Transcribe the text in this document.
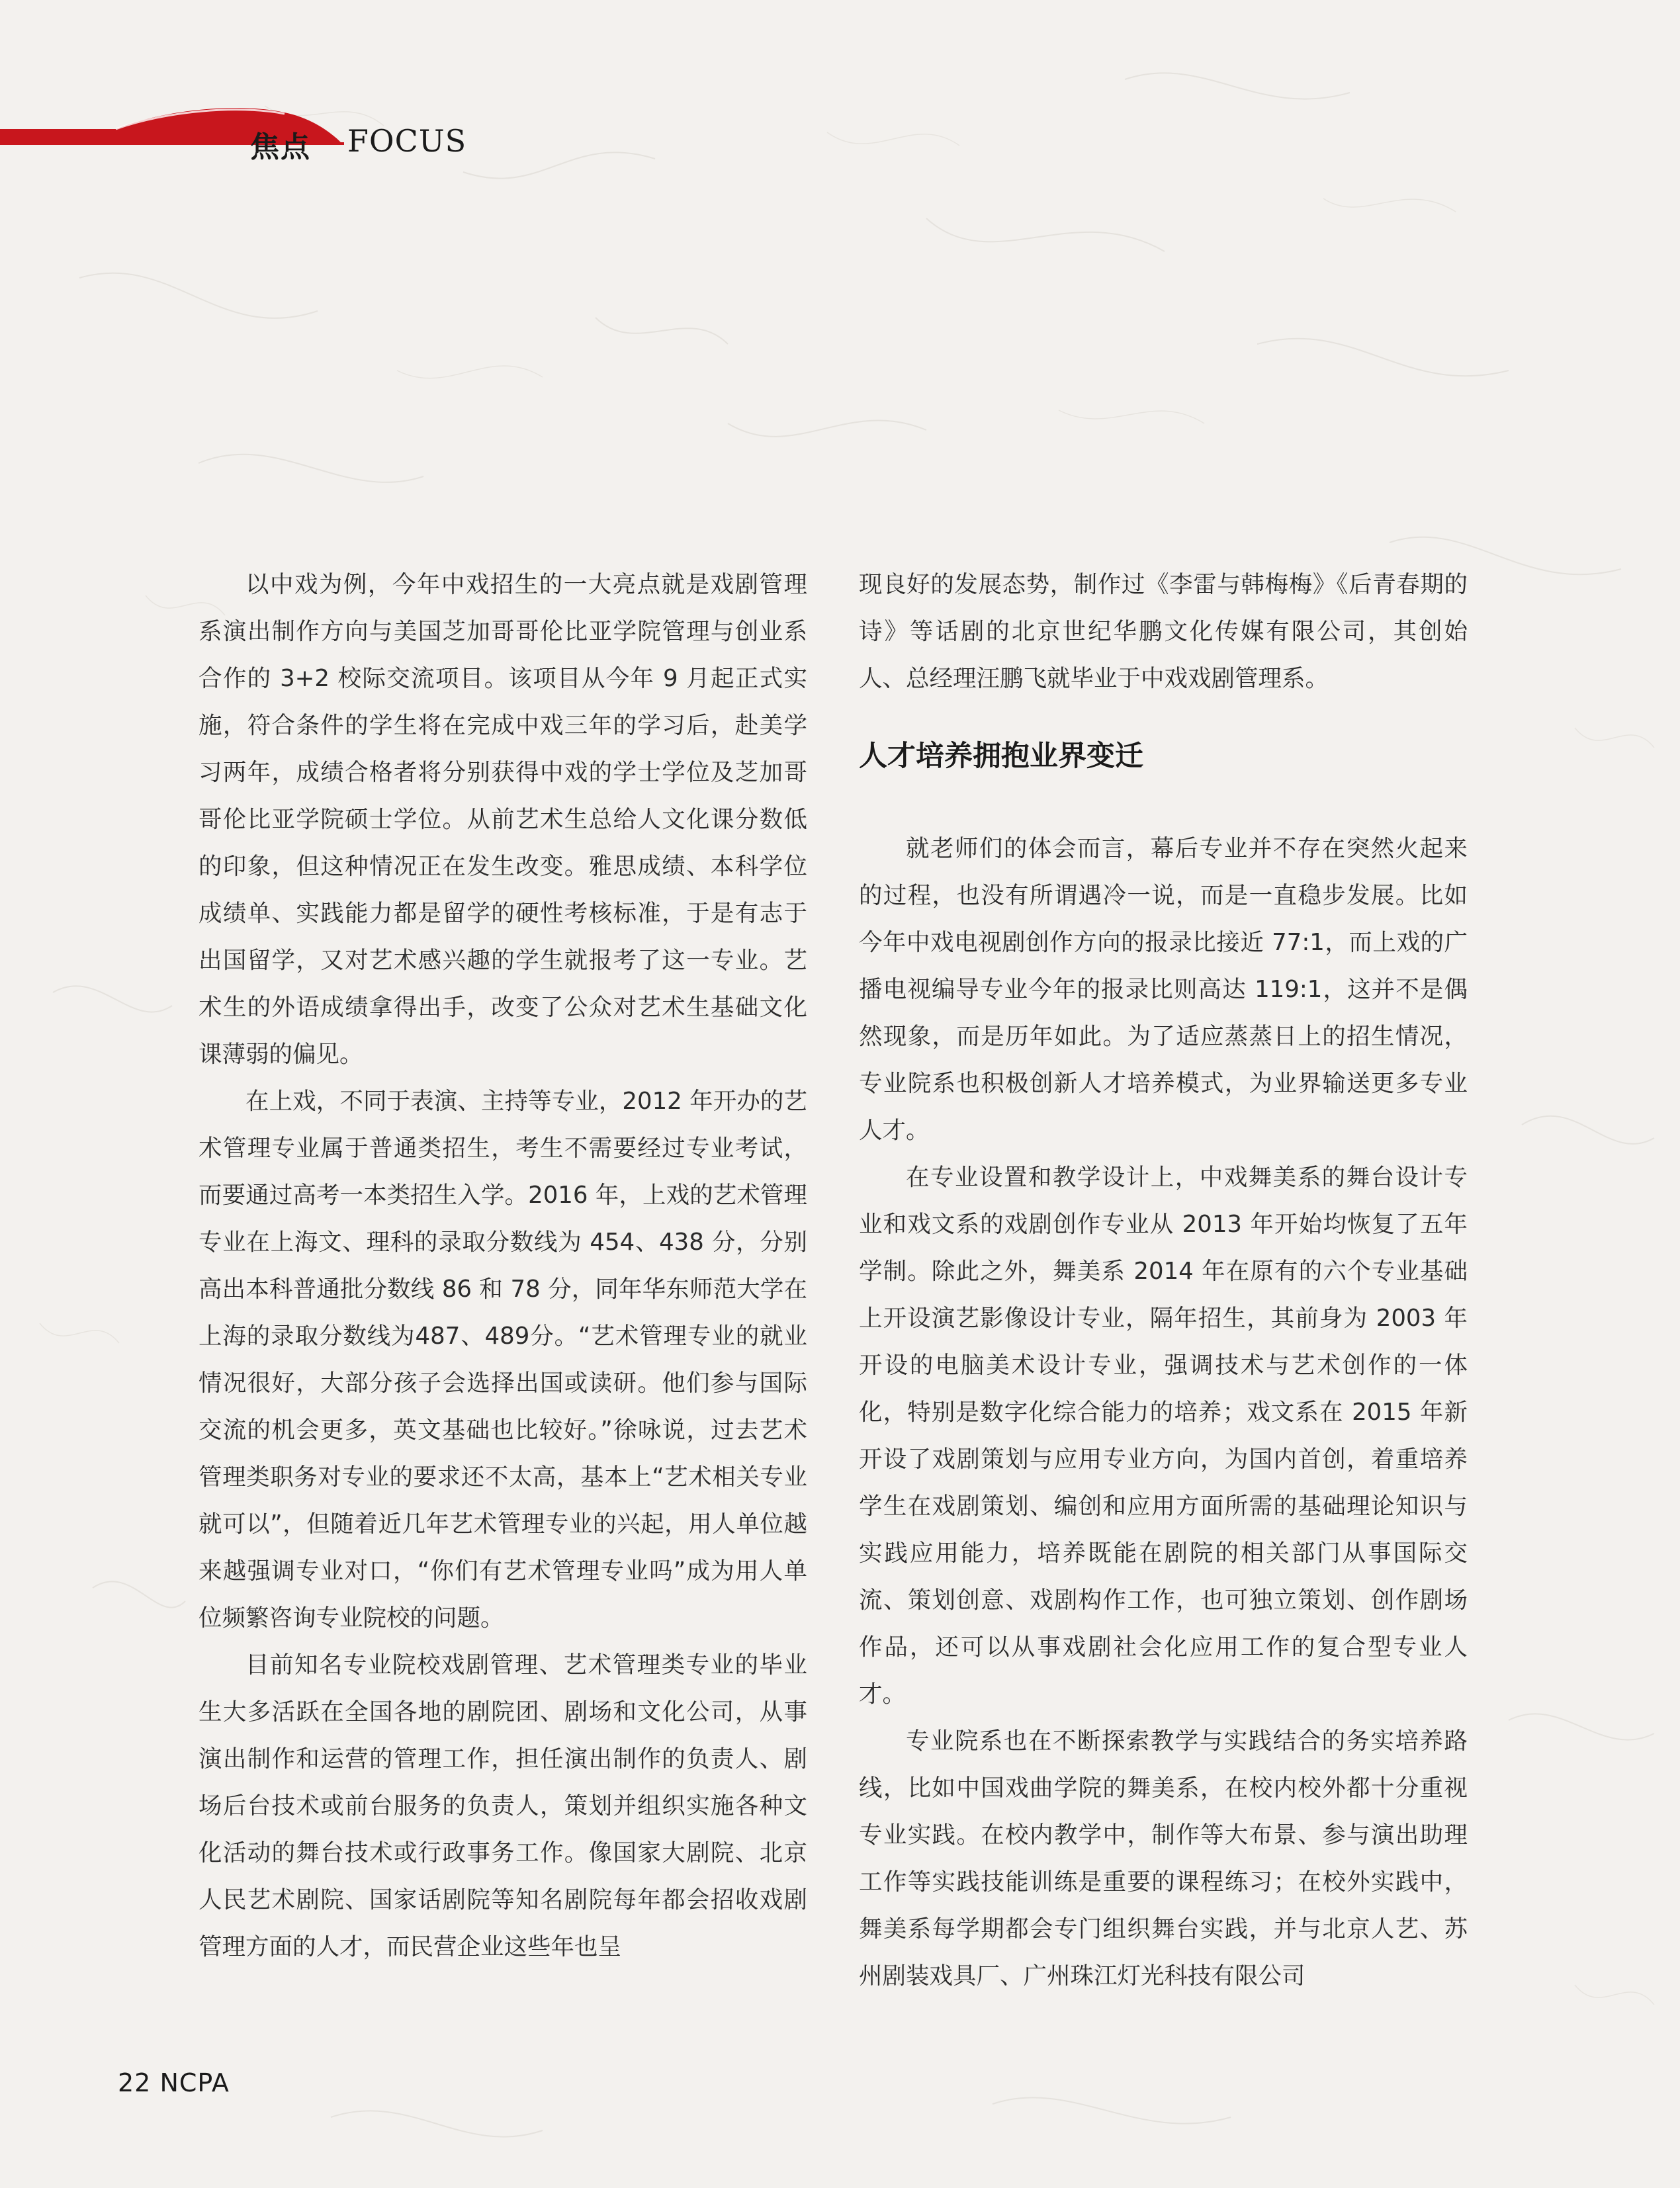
焦点 FOCUS

以中戏为例，今年中戏招生的一大亮点就是戏剧管理系演出制作方向与美国芝加哥哥伦比亚学院管理与创业系合作的 3+2 校际交流项目。该项目从今年 9 月起正式实施，符合条件的学生将在完成中戏三年的学习后，赴美学习两年，成绩合格者将分别获得中戏的学士学位及芝加哥哥伦比亚学院硕士学位。从前艺术生总给人文化课分数低的印象，但这种情况正在发生改变。雅思成绩、本科学位成绩单、实践能力都是留学的硬性考核标准，于是有志于出国留学，又对艺术感兴趣的学生就报考了这一专业。艺术生的外语成绩拿得出手，改变了公众对艺术生基础文化课薄弱的偏见。

在上戏，不同于表演、主持等专业，2012 年开办的艺术管理专业属于普通类招生，考生不需要经过专业考试，而要通过高考一本类招生入学。2016 年，上戏的艺术管理专业在上海文、理科的录取分数线为 454、438 分，分别高出本科普通批分数线 86 和 78 分，同年华东师范大学在上海的录取分数线为487、489分。“艺术管理专业的就业情况很好，大部分孩子会选择出国或读研。他们参与国际交流的机会更多，英文基础也比较好。”徐咏说，过去艺术管理类职务对专业的要求还不太高，基本上“艺术相关专业就可以”，但随着近几年艺术管理专业的兴起，用人单位越来越强调专业对口，“你们有艺术管理专业吗”成为用人单位频繁咨询专业院校的问题。

目前知名专业院校戏剧管理、艺术管理类专业的毕业生大多活跃在全国各地的剧院团、剧场和文化公司，从事演出制作和运营的管理工作，担任演出制作的负责人、剧场后台技术或前台服务的负责人，策划并组织实施各种文化活动的舞台技术或行政事务工作。像国家大剧院、北京人民艺术剧院、国家话剧院等知名剧院每年都会招收戏剧管理方面的人才，而民营企业这些年也呈

现良好的发展态势，制作过《李雷与韩梅梅》《后青春期的诗》等话剧的北京世纪华鹏文化传媒有限公司，其创始人、总经理汪鹏飞就毕业于中戏戏剧管理系。

人才培养拥抱业界变迁

就老师们的体会而言，幕后专业并不存在突然火起来的过程，也没有所谓遇冷一说，而是一直稳步发展。比如今年中戏电视剧创作方向的报录比接近 77:1，而上戏的广播电视编导专业今年的报录比则高达 119:1，这并不是偶然现象，而是历年如此。为了适应蒸蒸日上的招生情况，专业院系也积极创新人才培养模式，为业界输送更多专业人才。

在专业设置和教学设计上，中戏舞美系的舞台设计专业和戏文系的戏剧创作专业从 2013 年开始均恢复了五年学制。除此之外，舞美系 2014 年在原有的六个专业基础上开设演艺影像设计专业，隔年招生，其前身为 2003 年开设的电脑美术设计专业，强调技术与艺术创作的一体化，特别是数字化综合能力的培养；戏文系在 2015 年新开设了戏剧策划与应用专业方向，为国内首创，着重培养学生在戏剧策划、编创和应用方面所需的基础理论知识与实践应用能力，培养既能在剧院的相关部门从事国际交流、策划创意、戏剧构作工作，也可独立策划、创作剧场作品，还可以从事戏剧社会化应用工作的复合型专业人才。

专业院系也在不断探索教学与实践结合的务实培养路线，比如中国戏曲学院的舞美系，在校内校外都十分重视专业实践。在校内教学中，制作等大布景、参与演出助理工作等实践技能训练是重要的课程练习；在校外实践中，舞美系每学期都会专门组织舞台实践，并与北京人艺、苏州剧装戏具厂、广州珠江灯光科技有限公司

22 NCPA
